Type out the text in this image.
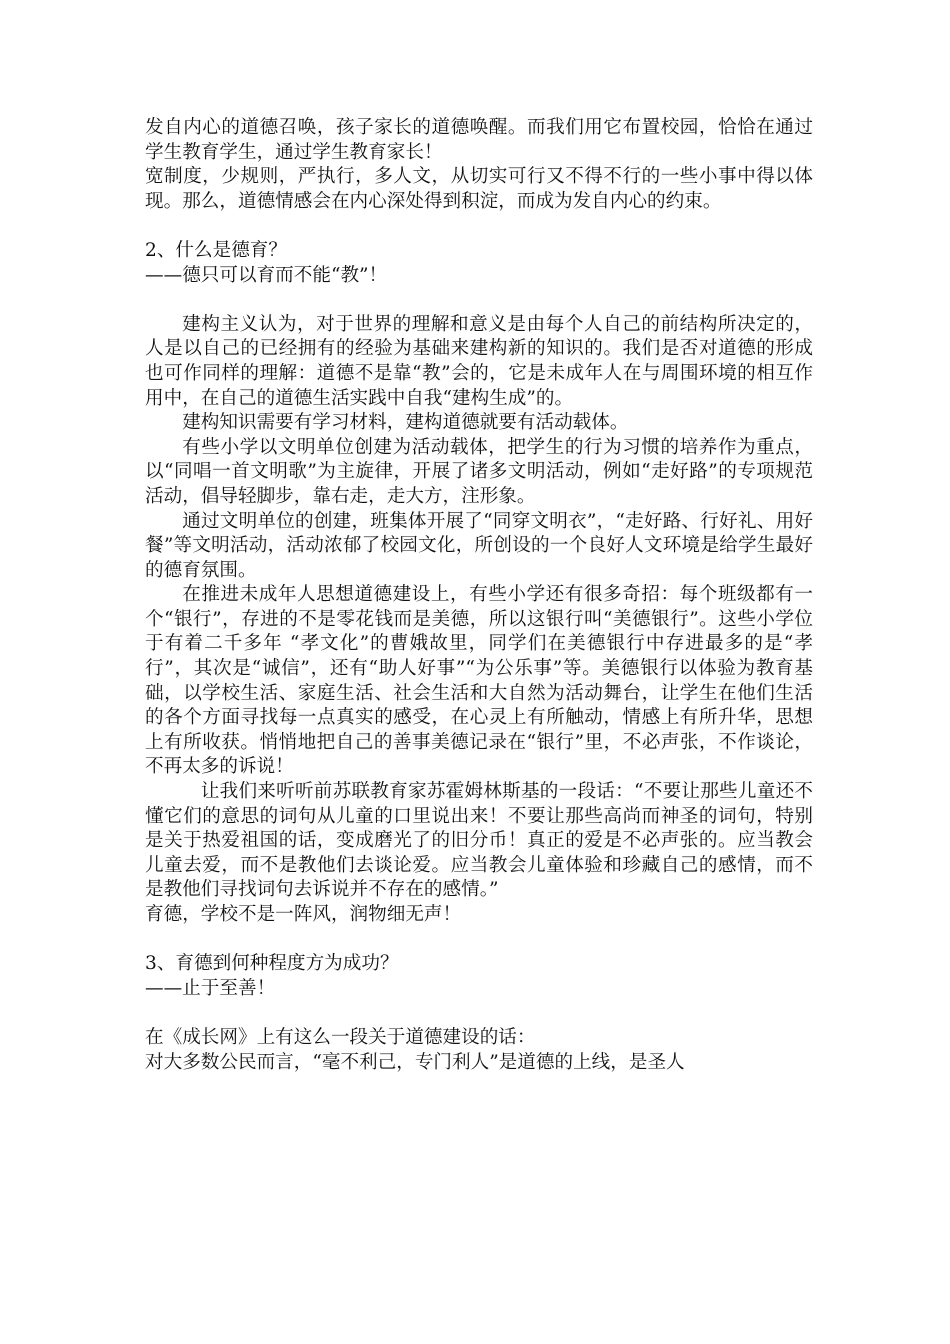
发自内心的道德召唤，孩子家长的道德唤醒。而我们用它布置校园，恰恰在通过学生教育学生，通过学生教育家长！

宽制度，少规则，严执行，多人文，从切实可行又不得不行的一些小事中得以体现。那么，道德情感会在内心深处得到积淀，而成为发自内心的约束。

2、什么是德育？

——德只可以育而不能“教”！

建构主义认为，对于世界的理解和意义是由每个人自己的前结构所决定的，人是以自己的已经拥有的经验为基础来建构新的知识的。我们是否对道德的形成也可作同样的理解：道德不是靠“教”会的，它是未成年人在与周围环境的相互作用中，在自己的道德生活实践中自我“建构生成”的。

建构知识需要有学习材料，建构道德就要有活动载体。

有些小学以文明单位创建为活动载体，把学生的行为习惯的培养作为重点，以“同唱一首文明歌”为主旋律，开展了诸多文明活动，例如“走好路”的专项规范活动，倡导轻脚步，靠右走，走大方，注形象。

通过文明单位的创建，班集体开展了“同穿文明衣”，“走好路、行好礼、用好餐”等文明活动，活动浓郁了校园文化，所创设的一个良好人文环境是给学生最好的德育氛围。

在推进未成年人思想道德建设上，有些小学还有很多奇招：每个班级都有一个“银行”，存进的不是零花钱而是美德，所以这银行叫“美德银行”。这些小学位于有着二千多年 “孝文化”的曹娥故里，同学们在美德银行中存进最多的是“孝行”，其次是“诚信”，还有“助人好事”“为公乐事”等。美德银行以体验为教育基础，以学校生活、家庭生活、社会生活和大自然为活动舞台，让学生在他们生活的各个方面寻找每一点真实的感受，在心灵上有所触动，情感上有所升华，思想上有所收获。悄悄地把自己的善事美德记录在“银行”里，不必声张，不作谈论，不再太多的诉说！

让我们来听听前苏联教育家苏霍姆林斯基的一段话：“不要让那些儿童还不懂它们的意思的词句从儿童的口里说出来！不要让那些高尚而神圣的词句，特别是关于热爱祖国的话，变成磨光了的旧分币！真正的爱是不必声张的。应当教会儿童去爱，而不是教他们去谈论爱。应当教会儿童体验和珍藏自己的感情，而不是教他们寻找词句去诉说并不存在的感情。”

育德，学校不是一阵风，润物细无声！

3、育德到何种程度方为成功？

——止于至善！

在《成长网》上有这么一段关于道德建设的话：

对大多数公民而言，“毫不利己，专门利人”是道德的上线，是圣人
